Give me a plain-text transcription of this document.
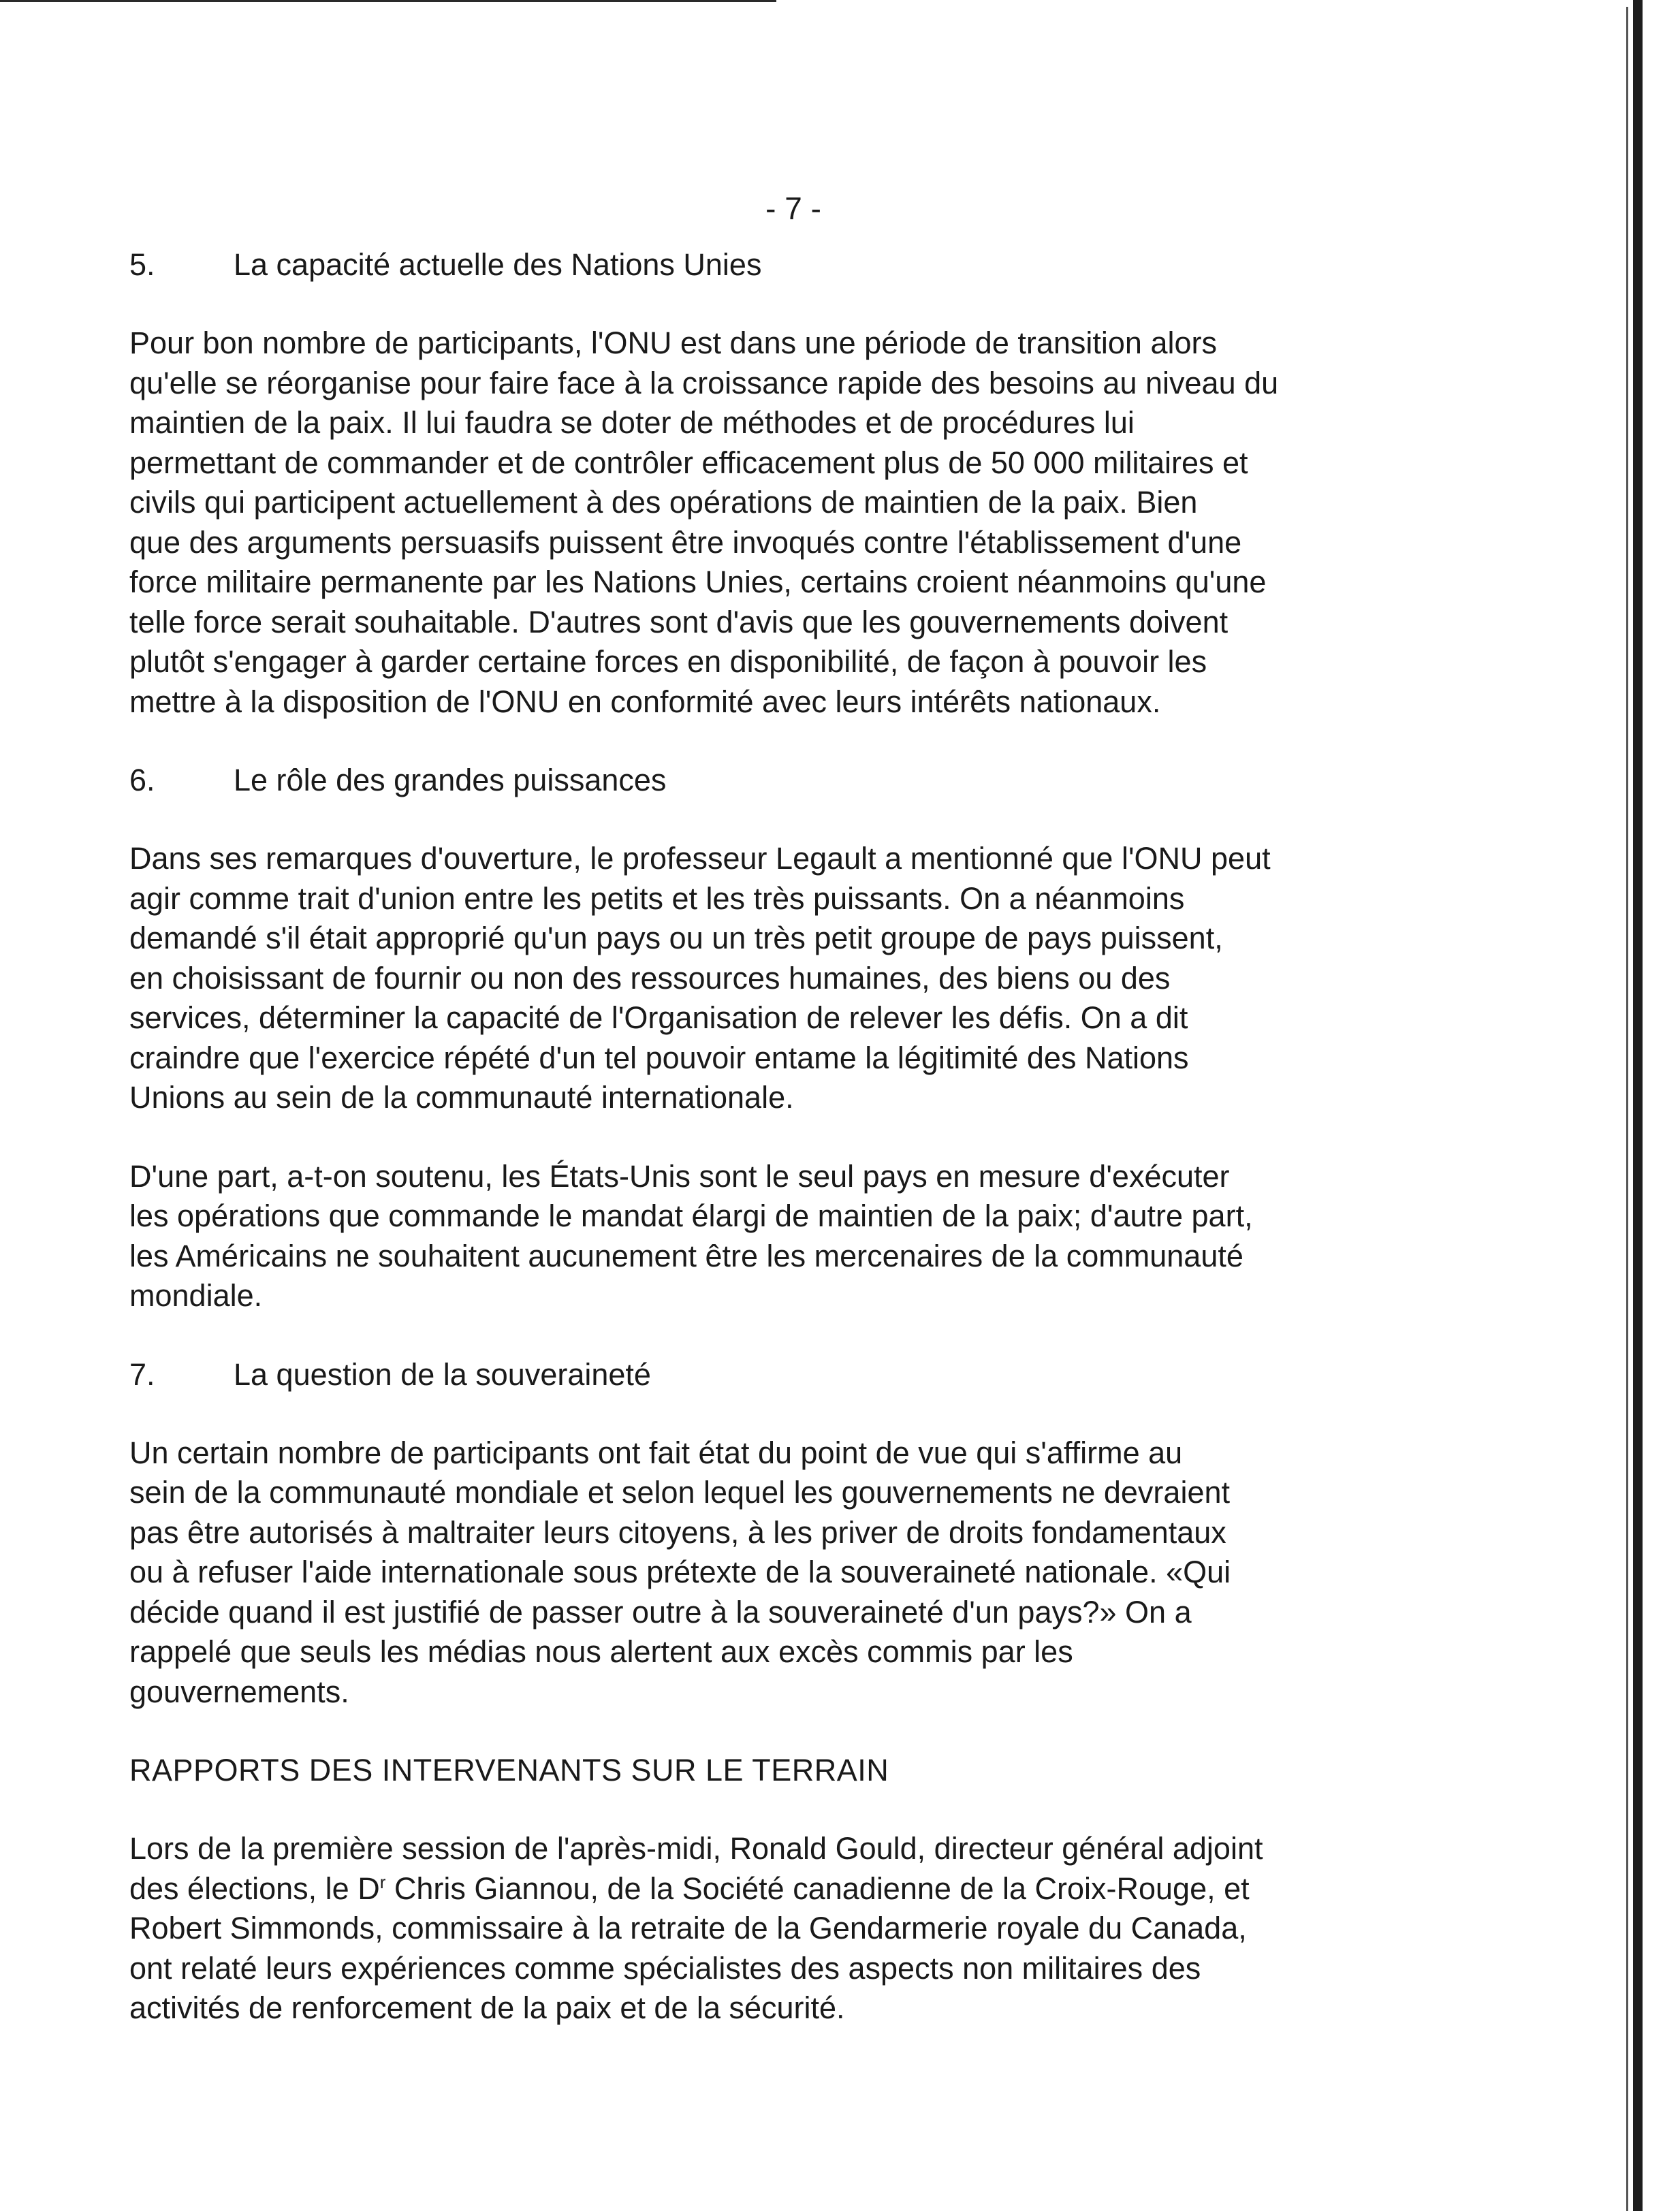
- 7 -
5.	La capacité actuelle des Nations Unies
Pour bon nombre de participants, l'ONU est dans une période de transition alors
qu'elle se réorganise pour faire face à la croissance rapide des besoins au niveau du
maintien de la paix. Il lui faudra se doter de méthodes et de procédures lui
permettant de commander et de contrôler efficacement plus de 50 000 militaires et
civils qui participent actuellement à des opérations de maintien de la paix. Bien
que des arguments persuasifs puissent être invoqués contre l'établissement d'une
force militaire permanente par les Nations Unies, certains croient néanmoins qu'une
telle force serait souhaitable. D'autres sont d'avis que les gouvernements doivent
plutôt s'engager à garder certaine forces en disponibilité, de façon à pouvoir les
mettre à la disposition de l'ONU en conformité avec leurs intérêts nationaux.
6.	Le rôle des grandes puissances
Dans ses remarques d'ouverture, le professeur Legault a mentionné que l'ONU peut
agir comme trait d'union entre les petits et les très puissants. On a néanmoins
demandé s'il était approprié qu'un pays ou un très petit groupe de pays puissent,
en choisissant de fournir ou non des ressources humaines, des biens ou des
services, déterminer la capacité de l'Organisation de relever les défis. On a dit
craindre que l'exercice répété d'un tel pouvoir entame la légitimité des Nations
Unions au sein de la communauté internationale.
D'une part, a-t-on soutenu, les États-Unis sont le seul pays en mesure d'exécuter
les opérations que commande le mandat élargi de maintien de la paix; d'autre part,
les Américains ne souhaitent aucunement être les mercenaires de la communauté
mondiale.
7.	La question de la souveraineté
Un certain nombre de participants ont fait état du point de vue qui s'affirme au
sein de la communauté mondiale et selon lequel les gouvernements ne devraient
pas être autorisés à maltraiter leurs citoyens, à les priver de droits fondamentaux
ou à refuser l'aide internationale sous prétexte de la souveraineté nationale. «Qui
décide quand il est justifié de passer outre à la souveraineté d'un pays?» On a
rappelé que seuls les médias nous alertent aux excès commis par les
gouvernements.
RAPPORTS DES INTERVENANTS SUR LE TERRAIN
Lors de la première session de l'après-midi, Ronald Gould, directeur général adjoint
des élections, le $D^r$ Chris Giannou, de la Société canadienne de la Croix-Rouge, et
Robert Simmonds, commissaire à la retraite de la Gendarmerie royale du Canada,
ont relaté leurs expériences comme spécialistes des aspects non militaires des
activités de renforcement de la paix et de la sécurité.
